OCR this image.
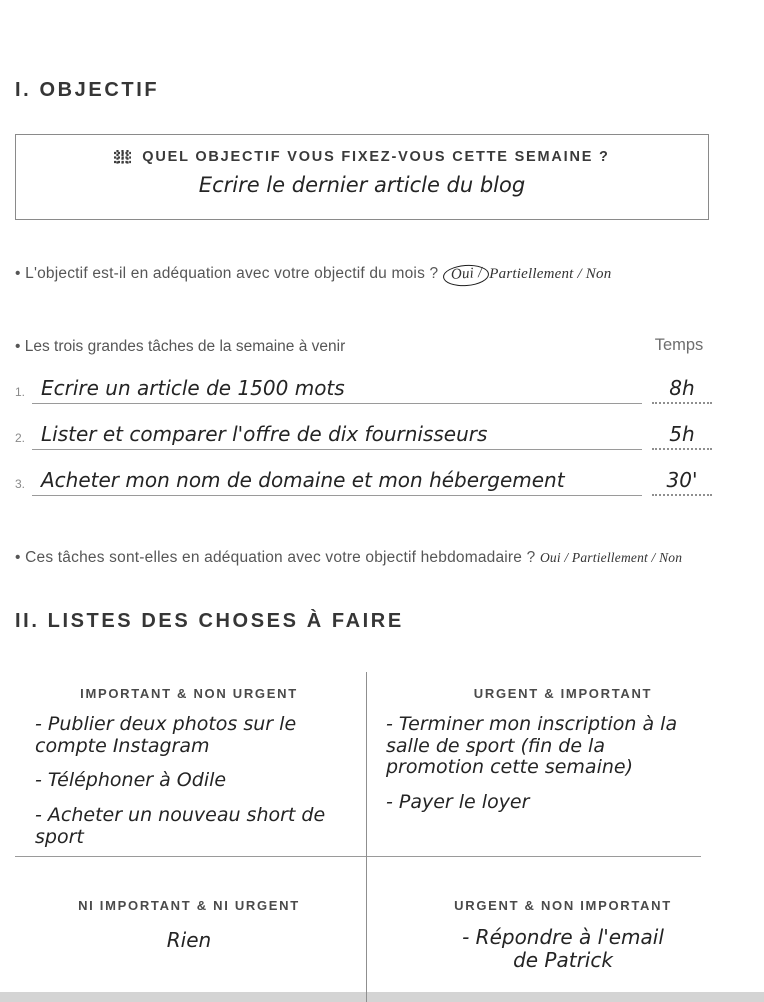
I. OBJECTIF
QUEL OBJECTIF VOUS FIXEZ-VOUS CETTE SEMAINE ?
Ecrire le dernier article du blog
• L'objectif est-il en adéquation avec votre objectif du mois ? Oui / Partiellement / Non
• Les trois grandes tâches de la semaine à venir	Temps
1. Ecrire un article de 1500 mots	8h
2. Lister et comparer l'offre de dix fournisseurs	5h
3. Acheter mon nom de domaine et mon hébergement	30'
• Ces tâches sont-elles en adéquation avec votre objectif hebdomadaire ? Oui / Partiellement / Non
II. LISTES DES CHOSES À FAIRE
IMPORTANT & NON URGENT

- Publier deux photos sur le compte Instagram

- Téléphoner à Odile

- Acheter un nouveau short de sport

URGENT & IMPORTANT

- Terminer mon inscription à la salle de sport (fin de la promotion cette semaine)

- Payer le loyer

NI IMPORTANT & NI URGENT

Rien

URGENT & NON IMPORTANT

- Répondre à l'email de Patrick
